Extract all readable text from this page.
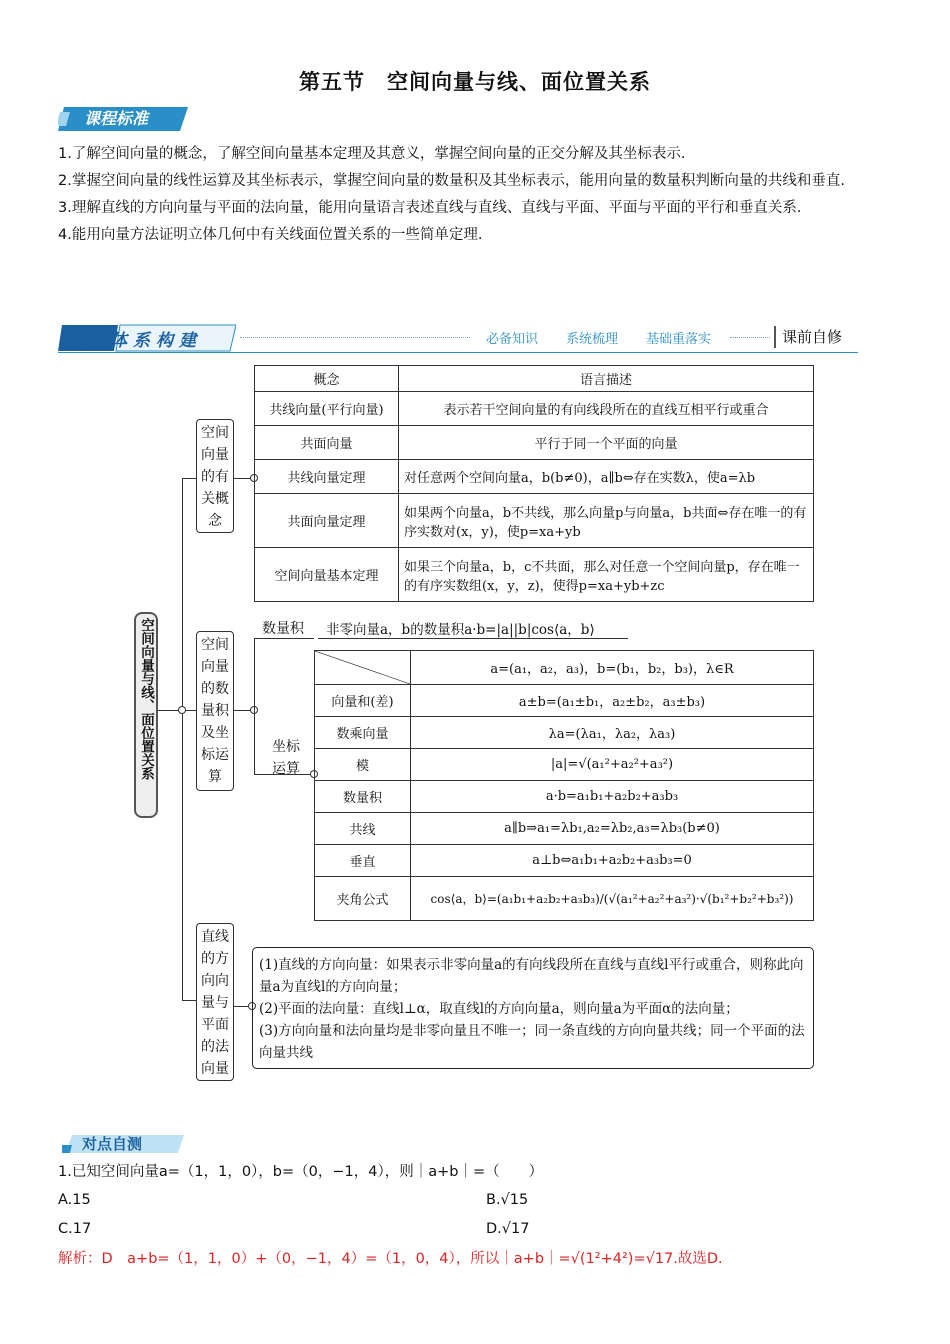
第五节　空间向量与线、面位置关系
课程标准
1.了解空间向量的概念，了解空间向量基本定理及其意义，掌握空间向量的正交分解及其坐标表示.
2.掌握空间向量的线性运算及其坐标表示，掌握空间向量的数量积及其坐标表示，能用向量的数量积判断向量的共线和垂直.
3.理解直线的方向向量与平面的法向量，能用向量语言表述直线与直线、直线与平面、平面与平面的平行和垂直关系.
4.能用向量方法证明立体几何中有关线面位置关系的一些简单定理.
知识体系构建	必备知识 系统梳理 基础重落实	课前自修
空间向量与线、面位置关系
空间向量的有关概念
概念	语言描述
共线向量(平行向量)	表示若干空间向量的有向线段所在的直线互相平行或重合
共面向量	平行于同一个平面的向量
共线向量定理	对任意两个空间向量a，b(b≠0)，a∥b⇔存在实数λ，使a=λb
共面向量定理	如果两个向量a，b不共线，那么向量p与向量a，b共面⇔存在唯一的有序实数对(x，y)，使p=xa+yb
空间向量基本定理	如果三个向量a，b，c不共面，那么对任意一个空间向量p，存在唯一的有序实数组(x，y，z)，使得p=xa+yb+zc
空间向量的数量积及坐标运算
数量积	非零向量a，b的数量积a·b=|a||b|cos⟨a，b⟩
坐标运算
	a=(a₁，a₂，a₃)，b=(b₁，b₂，b₃)，λ∈R
向量和(差)	a±b=(a₁±b₁，a₂±b₂，a₃±b₃)
数乘向量	λa=(λa₁，λa₂，λa₃)
模	|a|=√(a₁²+a₂²+a₃²)
数量积	a·b=a₁b₁+a₂b₂+a₃b₃
共线	a∥b⇒a₁=λb₁,a₂=λb₂,a₃=λb₃(b≠0)
垂直	a⊥b⇔a₁b₁+a₂b₂+a₃b₃=0
夹角公式	cos⟨a，b⟩=(a₁b₁+a₂b₂+a₃b₃)/(√(a₁²+a₂²+a₃²)·√(b₁²+b₂²+b₃²))
直线的方向向量与平面的法向量
(1)直线的方向向量：如果表示非零向量a的有向线段所在直线与直线l平行或重合，则称此向量a为直线l的方向向量；
(2)平面的法向量：直线l⊥α，取直线l的方向向量a，则向量a为平面α的法向量；
(3)方向向量和法向量均是非零向量且不唯一；同一条直线的方向向量共线；同一个平面的法向量共线
对点自测
1.已知空间向量a=（1，1，0），b=（0，−1，4），则｜a+b｜=（　　）
A.15	B.√15
C.17	D.√17
解析：D　a+b=（1，1，0）+（0，−1，4）=（1，0，4），所以｜a+b｜=√(1²+4²)=√17.故选D.
